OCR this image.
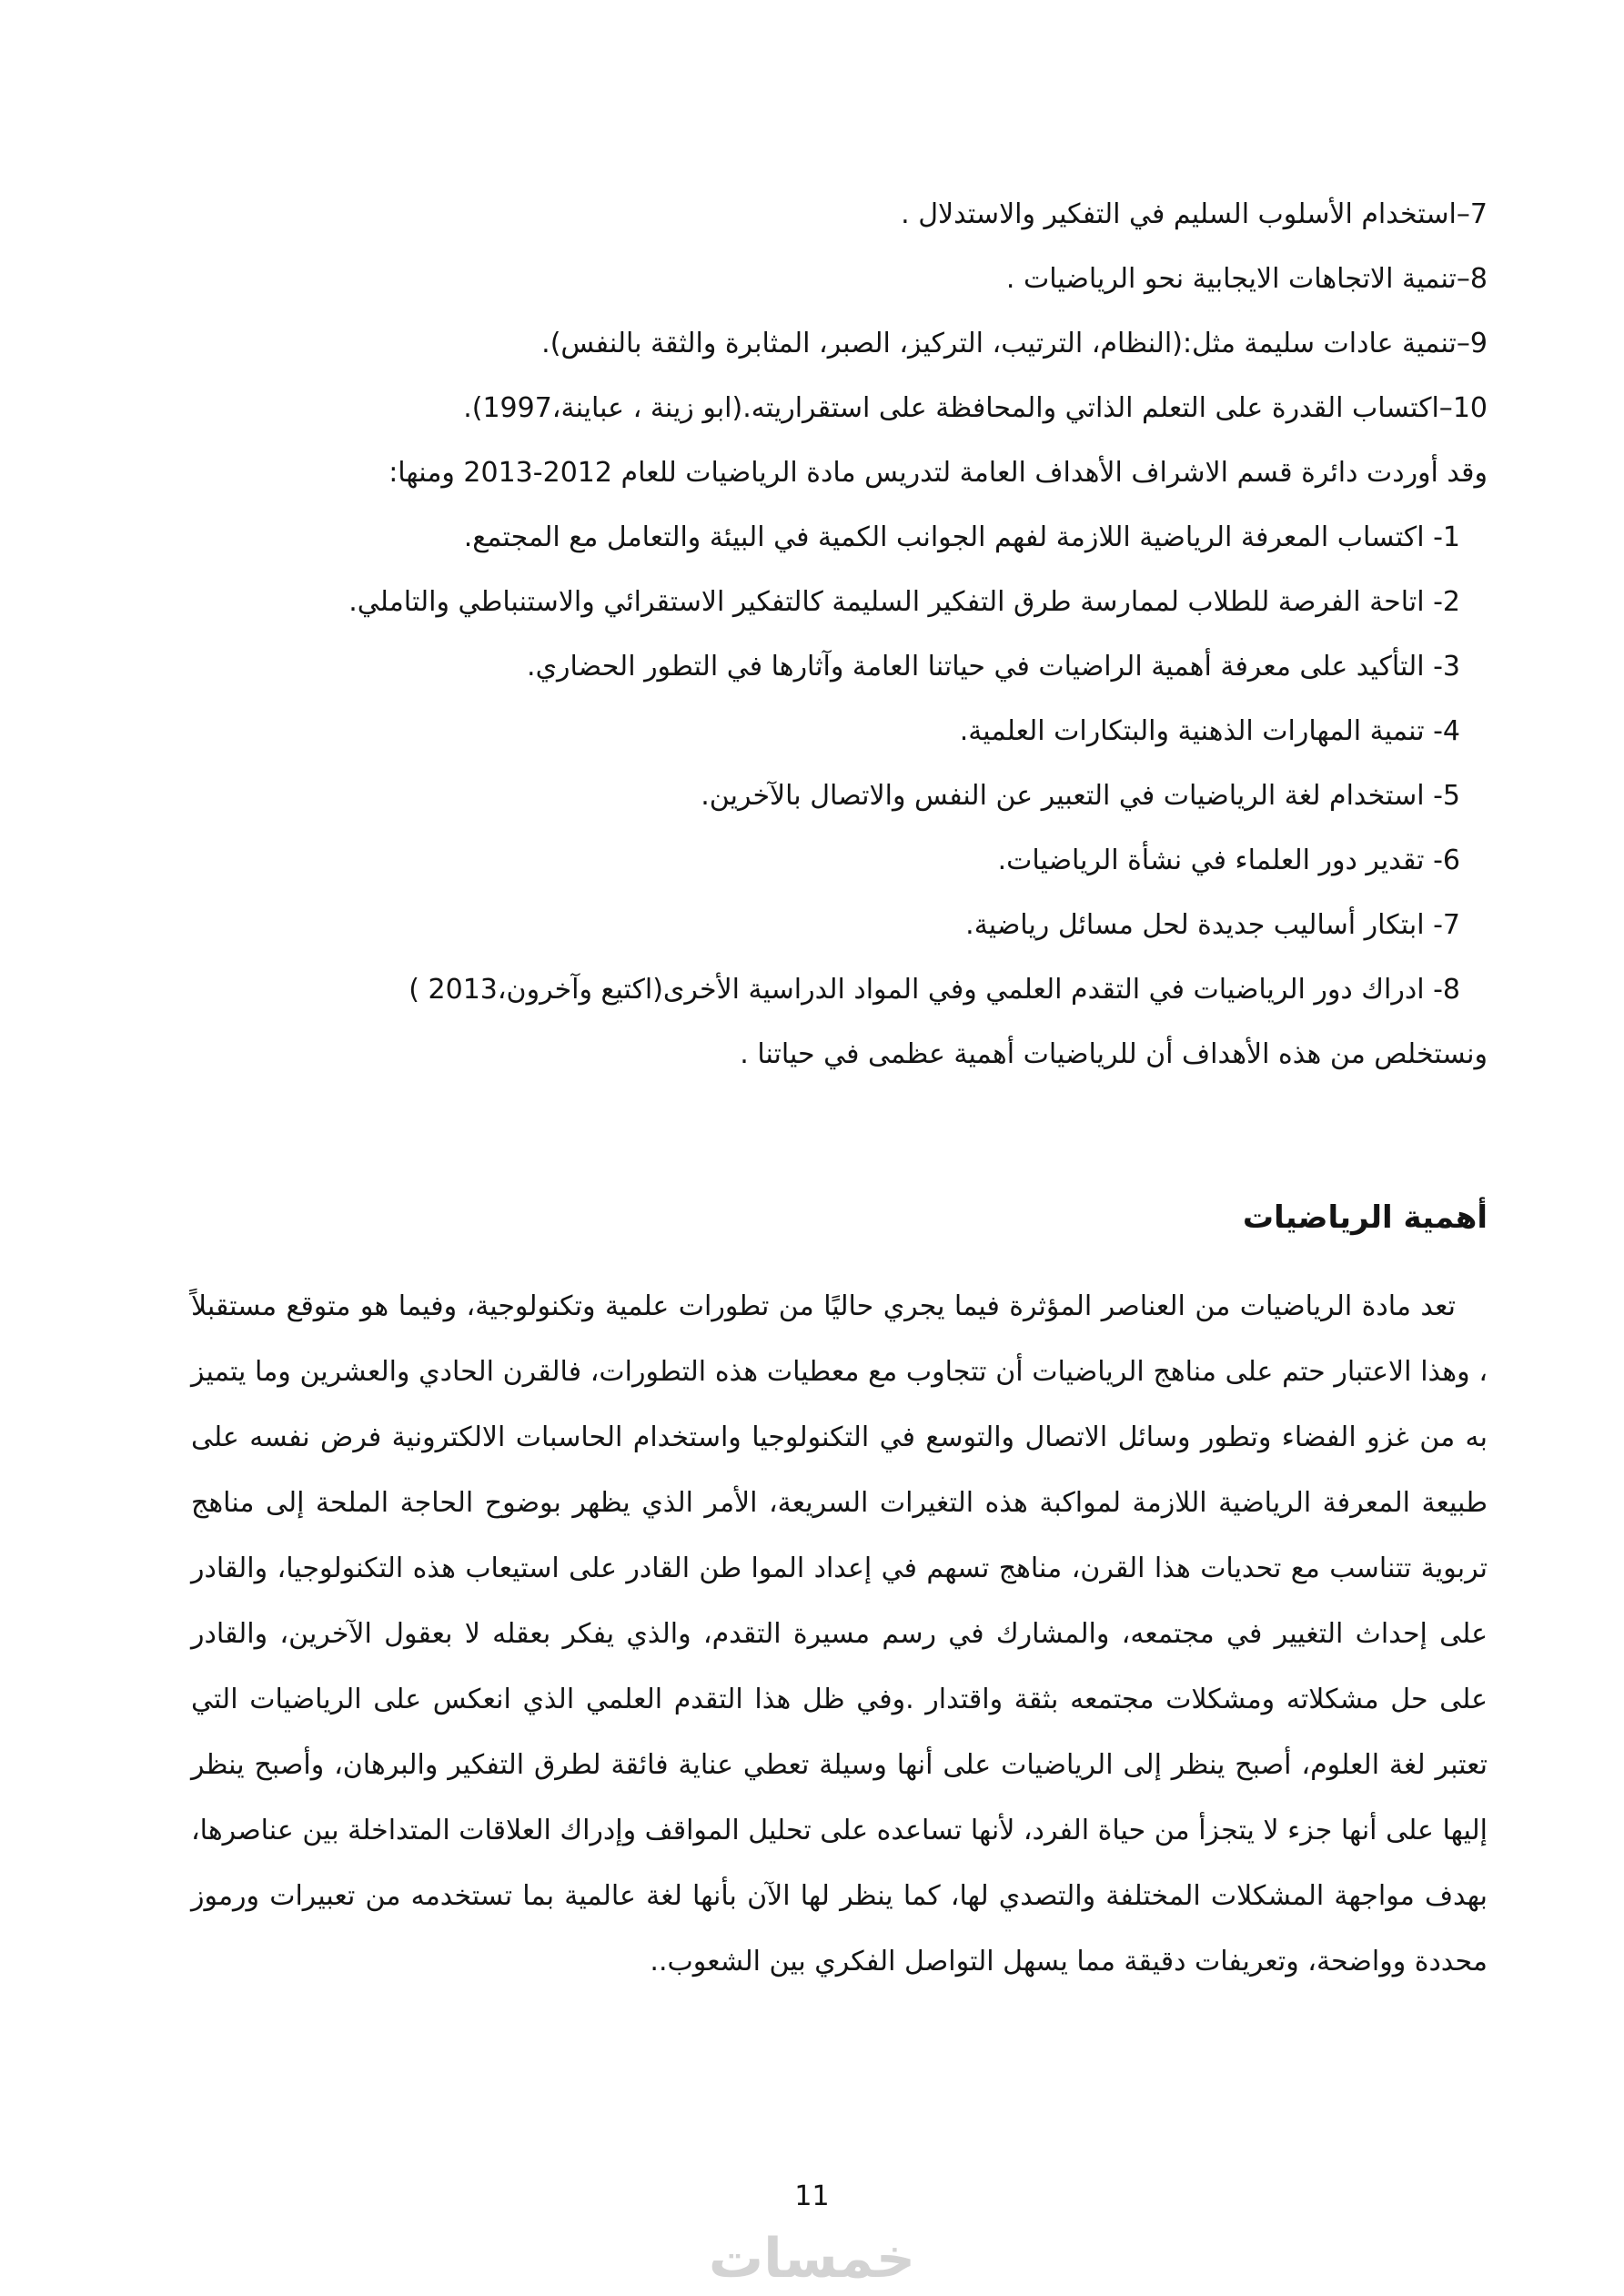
7–استخدام الأسلوب السليم في التفكير والاستدلال .
8–تنمية الاتجاهات الايجابية نحو الرياضيات .
9–تنمية عادات سليمة مثل:(النظام، الترتيب، التركيز، الصبر، المثابرة والثقة بالنفس).
10–اكتساب القدرة على التعلم الذاتي والمحافظة على استقراريته.(ابو زينة ، عباينة،1997).
وقد أوردت دائرة قسم الاشراف الأهداف العامة لتدريس مادة الرياضيات للعام 2012-2013 ومنها:
1- اكتساب المعرفة الرياضية اللازمة لفهم الجوانب الكمية في البيئة والتعامل مع المجتمع.
2- اتاحة الفرصة للطلاب لممارسة طرق التفكير السليمة كالتفكير الاستقرائي والاستنباطي والتاملي.
3- التأكيد على معرفة أهمية الراضيات في حياتنا العامة وآثارها في التطور الحضاري.
4- تنمية المهارات الذهنية والبتكارات العلمية.
5- استخدام لغة الرياضيات في التعبير عن النفس والاتصال بالآخرين.
6- تقدير دور العلماء في نشأة الرياضيات.
7- ابتكار أساليب جديدة لحل مسائل رياضية.
8- ادراك دور الرياضيات في التقدم العلمي وفي المواد الدراسية الأخرى(اكتيع وآخرون،2013 )
ونستخلص من هذه الأهداف أن للرياضيات أهمية عظمى في حياتنا .
أهمية الرياضيات

تعد مادة الرياضيات من العناصر المؤثرة فيما يجري حاليًا من تطورات علمية وتكنولوجية، وفيما هو متوقع مستقبلاً ، وهذا الاعتبار حتم على مناهج الرياضيات أن تتجاوب مع معطيات هذه التطورات، فالقرن الحادي والعشرين وما يتميز به من غزو الفضاء وتطور وسائل الاتصال والتوسع في التكنولوجيا واستخدام الحاسبات الالكترونية فرض نفسه على طبيعة المعرفة الرياضية اللازمة لمواكبة هذه التغيرات السريعة، الأمر الذي يظهر بوضوح الحاجة الملحة إلى مناهج تربوية تتناسب مع تحديات هذا القرن، مناهج تسهم في إعداد الموا طن القادر على استيعاب هذه التكنولوجيا، والقادر على إحداث التغيير في مجتمعه، والمشارك في رسم مسيرة التقدم، والذي يفكر بعقله لا بعقول الآخرين، والقادر على حل مشكلاته ومشكلات مجتمعه بثقة واقتدار .وفي ظل هذا التقدم العلمي الذي انعكس على الرياضيات التي تعتبر لغة العلوم، أصبح ينظر إلى الرياضيات على أنها وسيلة تعطي عناية فائقة لطرق التفكير والبرهان، وأصبح ينظر إليها على أنها جزء لا يتجزأ من حياة الفرد، لأنها تساعده على تحليل المواقف وإدراك العلاقات المتداخلة بين عناصرها، بهدف مواجهة المشكلات المختلفة والتصدي لها، كما ينظر لها الآن بأنها لغة عالمية بما تستخدمه من تعبيرات ورموز محددة وواضحة، وتعريفات دقيقة مما يسهل التواصل الفكري بين الشعوب..

11
خمسات
